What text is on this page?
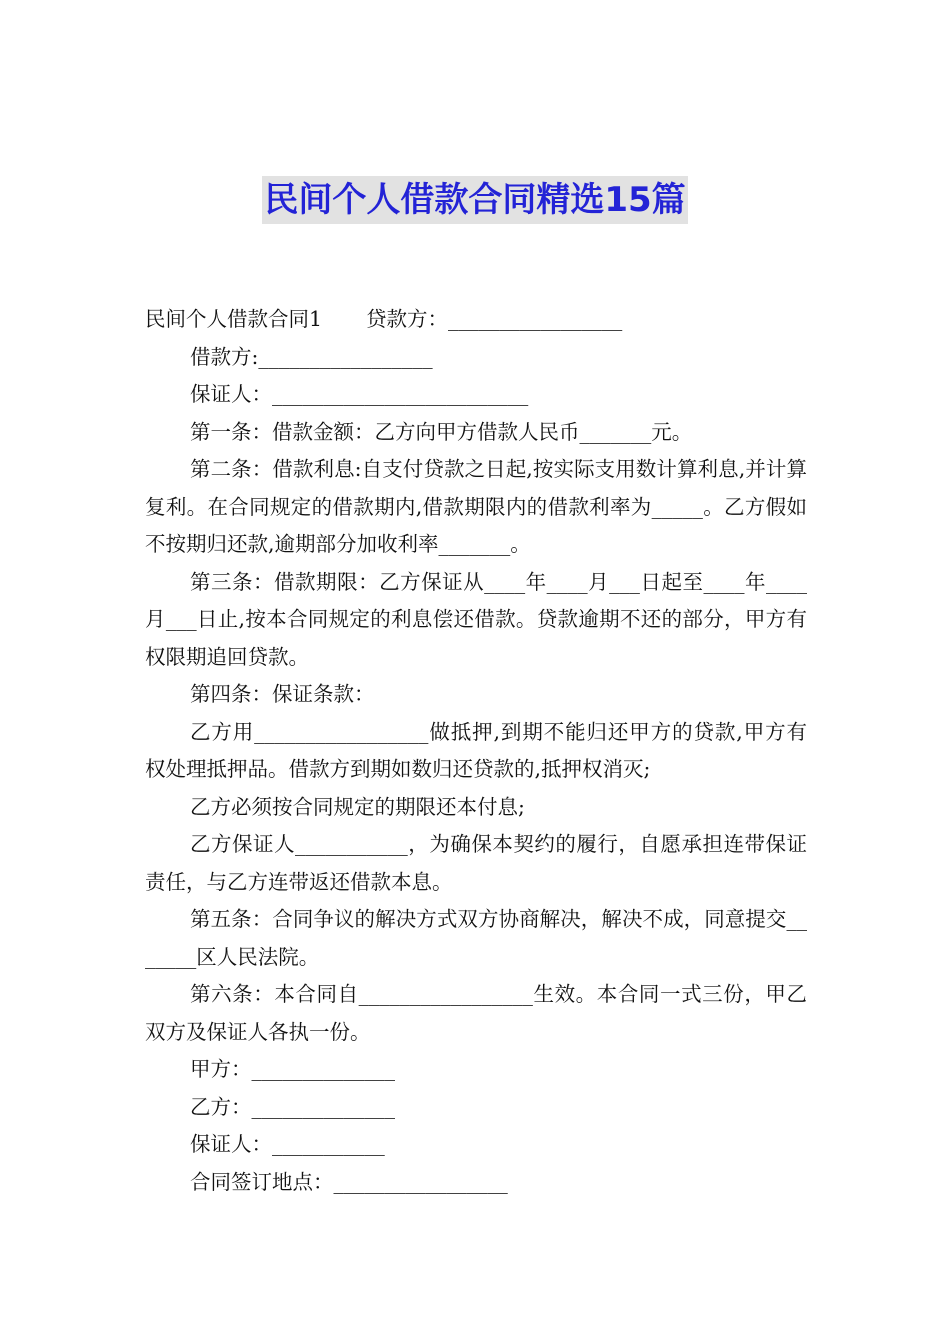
民间个人借款合同精选15篇

民间个人借款合同1 贷款方：_________________

借款方:_________________

保证人：_________________________

第一条：借款金额：乙方向甲方借款人民币_______元。

第二条：借款利息:自支付贷款之日起,按实际支用数计算利息,并计算复利。在合同规定的借款期内,借款期限内的借款利率为_____。乙方假如不按期归还款,逾期部分加收利率_______。

第三条：借款期限：乙方保证从____年____月___日起至____年____月___日止,按本合同规定的利息偿还借款。贷款逾期不还的部分，甲方有权限期追回贷款。

第四条：保证条款：

乙方用_________________做抵押,到期不能归还甲方的贷款,甲方有权处理抵押品。借款方到期如数归还贷款的,抵押权消灭;

乙方必须按合同规定的期限还本付息;

乙方保证人___________，为确保本契约的履行，自愿承担连带保证责任，与乙方连带返还借款本息。

第五条：合同争议的解决方式双方协商解决，解决不成，同意提交_______区人民法院。

第六条：本合同自_________________生效。本合同一式三份，甲乙双方及保证人各执一份。

甲方：______________

乙方：______________

保证人：___________

合同签订地点：_________________
